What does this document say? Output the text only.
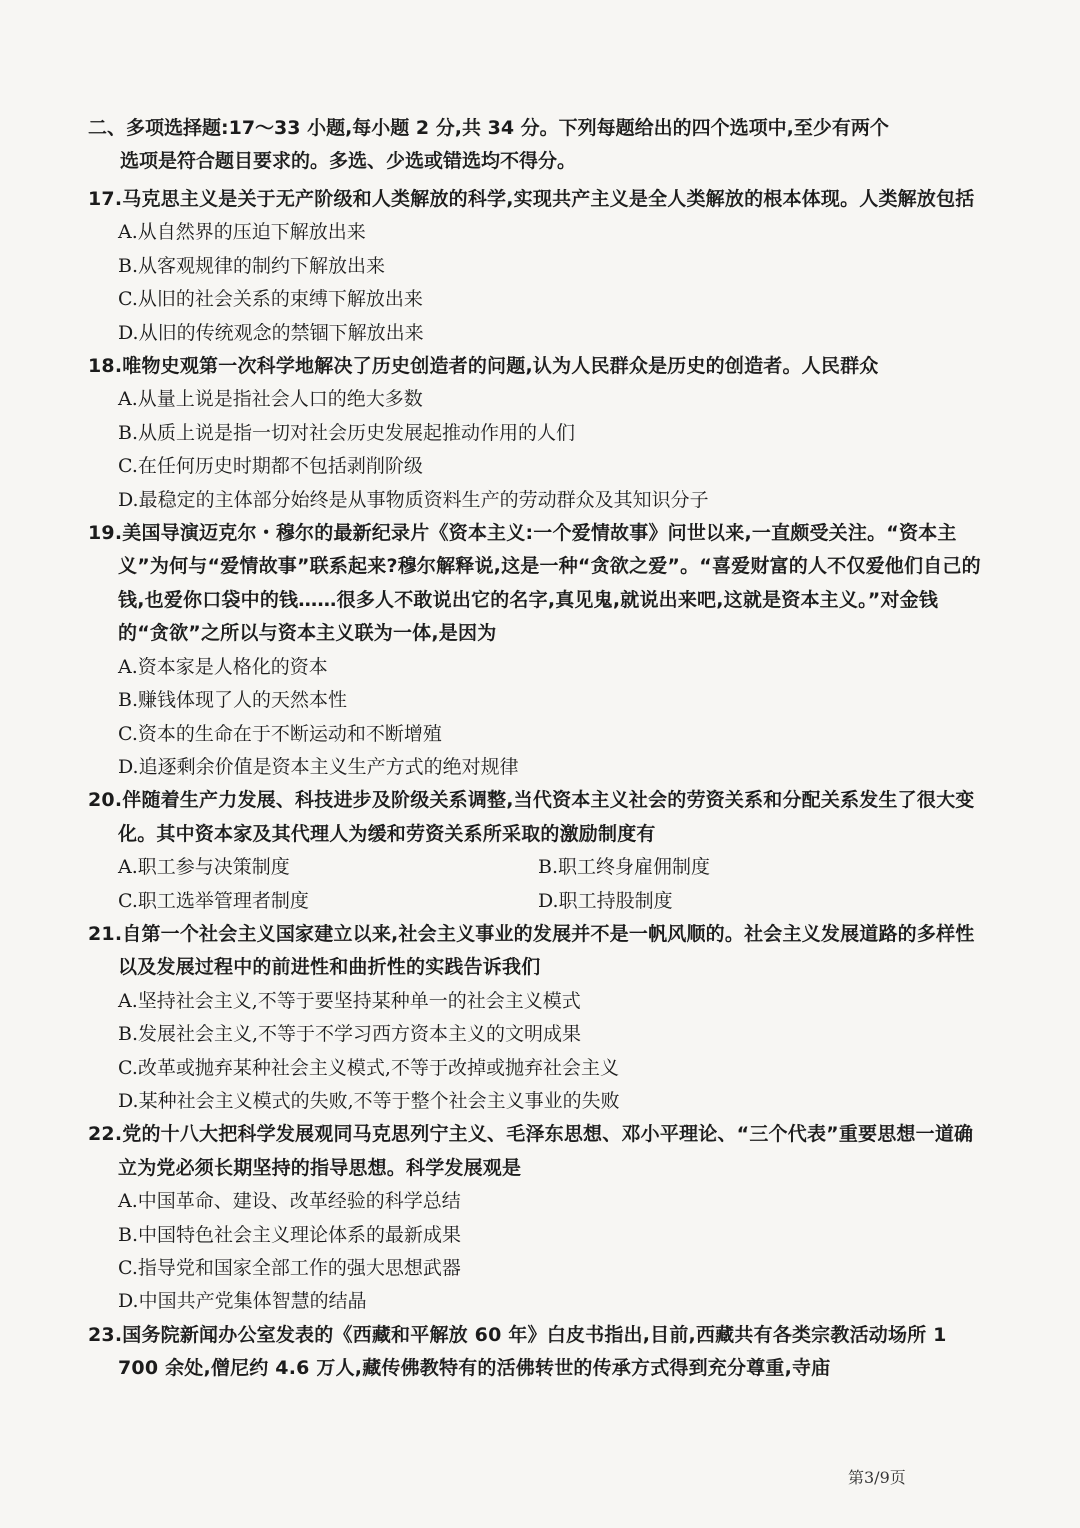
二、多项选择题:17～33 小题,每小题 2 分,共 34 分。下列每题给出的四个选项中,至少有两个
选项是符合题目要求的。多选、少选或错选均不得分。
17.马克思主义是关于无产阶级和人类解放的科学,实现共产主义是全人类解放的根本体现。人类解放包括
A.从自然界的压迫下解放出来
B.从客观规律的制约下解放出来
C.从旧的社会关系的束缚下解放出来
D.从旧的传统观念的禁锢下解放出来
18.唯物史观第一次科学地解决了历史创造者的问题,认为人民群众是历史的创造者。人民群众
A.从量上说是指社会人口的绝大多数
B.从质上说是指一切对社会历史发展起推动作用的人们
C.在任何历史时期都不包括剥削阶级
D.最稳定的主体部分始终是从事物质资料生产的劳动群众及其知识分子
19.美国导演迈克尔・穆尔的最新纪录片《资本主义:一个爱情故事》问世以来,一直颇受关注。“资本主义”为何与“爱情故事”联系起来?穆尔解释说,这是一种“贪欲之爱”。“喜爱财富的人不仅爱他们自己的钱,也爱你口袋中的钱……很多人不敢说出它的名字,真见鬼,就说出来吧,这就是资本主义。”对金钱的“贪欲”之所以与资本主义联为一体,是因为
A.资本家是人格化的资本
B.赚钱体现了人的天然本性
C.资本的生命在于不断运动和不断增殖
D.追逐剩余价值是资本主义生产方式的绝对规律
20.伴随着生产力发展、科技进步及阶级关系调整,当代资本主义社会的劳资关系和分配关系发生了很大变化。其中资本家及其代理人为缓和劳资关系所采取的激励制度有
A.职工参与决策制度	B.职工终身雇佣制度
C.职工选举管理者制度	D.职工持股制度
21.自第一个社会主义国家建立以来,社会主义事业的发展并不是一帆风顺的。社会主义发展道路的多样性以及发展过程中的前进性和曲折性的实践告诉我们
A.坚持社会主义,不等于要坚持某种单一的社会主义模式
B.发展社会主义,不等于不学习西方资本主义的文明成果
C.改革或抛弃某种社会主义模式,不等于改掉或抛弃社会主义
D.某种社会主义模式的失败,不等于整个社会主义事业的失败
22.党的十八大把科学发展观同马克思列宁主义、毛泽东思想、邓小平理论、“三个代表”重要思想一道确立为党必须长期坚持的指导思想。科学发展观是
A.中国革命、建设、改革经验的科学总结
B.中国特色社会主义理论体系的最新成果
C.指导党和国家全部工作的强大思想武器
D.中国共产党集体智慧的结晶
23.国务院新闻办公室发表的《西藏和平解放 60 年》白皮书指出,目前,西藏共有各类宗教活动场所 1 700 余处,僧尼约 4.6 万人,藏传佛教特有的活佛转世的传承方式得到充分尊重,寺庙
第3/9页
